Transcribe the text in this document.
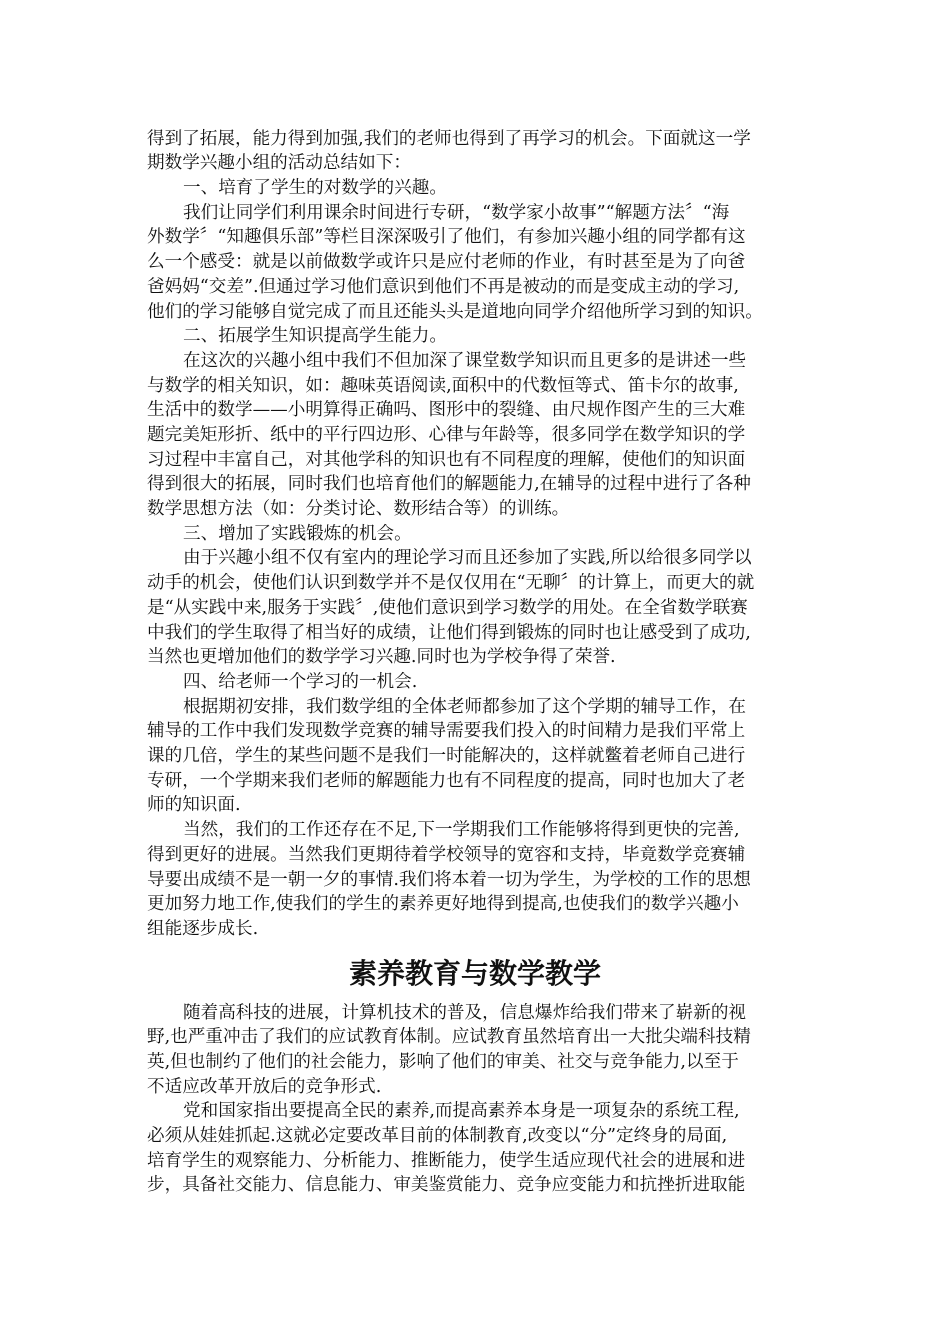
得到了拓展，能力得到加强,我们的老师也得到了再学习的机会。下面就这一学
期数学兴趣小组的活动总结如下：
一、培育了学生的对数学的兴趣。
我们让同学们利用课余时间进行专研，“数学家小故事”“解题方法〞“海
外数学〞“知趣俱乐部”等栏目深深吸引了他们，有参加兴趣小组的同学都有这
么一个感受：就是以前做数学或许只是应付老师的作业，有时甚至是为了向爸
爸妈妈“交差”.但通过学习他们意识到他们不再是被动的而是变成主动的学习,
他们的学习能够自觉完成了而且还能头头是道地向同学介绍他所学习到的知识。
二、拓展学生知识提高学生能力。
在这次的兴趣小组中我们不但加深了课堂数学知识而且更多的是讲述一些
与数学的相关知识，如：趣味英语阅读,面积中的代数恒等式、笛卡尔的故事,
生活中的数学——小明算得正确吗、图形中的裂缝、由尺规作图产生的三大难
题完美矩形折、纸中的平行四边形、心律与年龄等，很多同学在数学知识的学
习过程中丰富自己，对其他学科的知识也有不同程度的理解，使他们的知识面
得到很大的拓展，同时我们也培育他们的解题能力,在辅导的过程中进行了各种
数学思想方法（如：分类讨论、数形结合等）的训练。
三、增加了实践锻炼的机会。
由于兴趣小组不仅有室内的理论学习而且还参加了实践,所以给很多同学以
动手的机会，使他们认识到数学并不是仅仅用在“无聊〞的计算上，而更大的就
是“从实践中来,服务于实践〞,使他们意识到学习数学的用处。在全省数学联赛
中我们的学生取得了相当好的成绩，让他们得到锻炼的同时也让感受到了成功,
当然也更增加他们的数学学习兴趣.同时也为学校争得了荣誉.
四、给老师一个学习的一机会.
根据期初安排，我们数学组的全体老师都参加了这个学期的辅导工作，在
辅导的工作中我们发现数学竞赛的辅导需要我们投入的时间精力是我们平常上
课的几倍，学生的某些问题不是我们一时能解决的，这样就鳖着老师自己进行
专研，一个学期来我们老师的解题能力也有不同程度的提高，同时也加大了老
师的知识面.
当然，我们的工作还存在不足,下一学期我们工作能够将得到更快的完善,
得到更好的进展。当然我们更期待着学校领导的宽容和支持，毕竟数学竞赛辅
导要出成绩不是一朝一夕的事情.我们将本着一切为学生，为学校的工作的思想
更加努力地工作,使我们的学生的素养更好地得到提高,也使我们的数学兴趣小
组能逐步成长.
素养教育与数学教学
随着高科技的进展，计算机技术的普及，信息爆炸给我们带来了崭新的视
野,也严重冲击了我们的应试教育体制。应试教育虽然培育出一大批尖端科技精
英,但也制约了他们的社会能力，影响了他们的审美、社交与竞争能力,以至于
不适应改革开放后的竞争形式.
党和国家指出要提高全民的素养,而提高素养本身是一项复杂的系统工程,
必须从娃娃抓起.这就必定要改革目前的体制教育,改变以“分”定终身的局面,
培育学生的观察能力、分析能力、推断能力，使学生适应现代社会的进展和进
步，具备社交能力、信息能力、审美鉴赏能力、竞争应变能力和抗挫折进取能
